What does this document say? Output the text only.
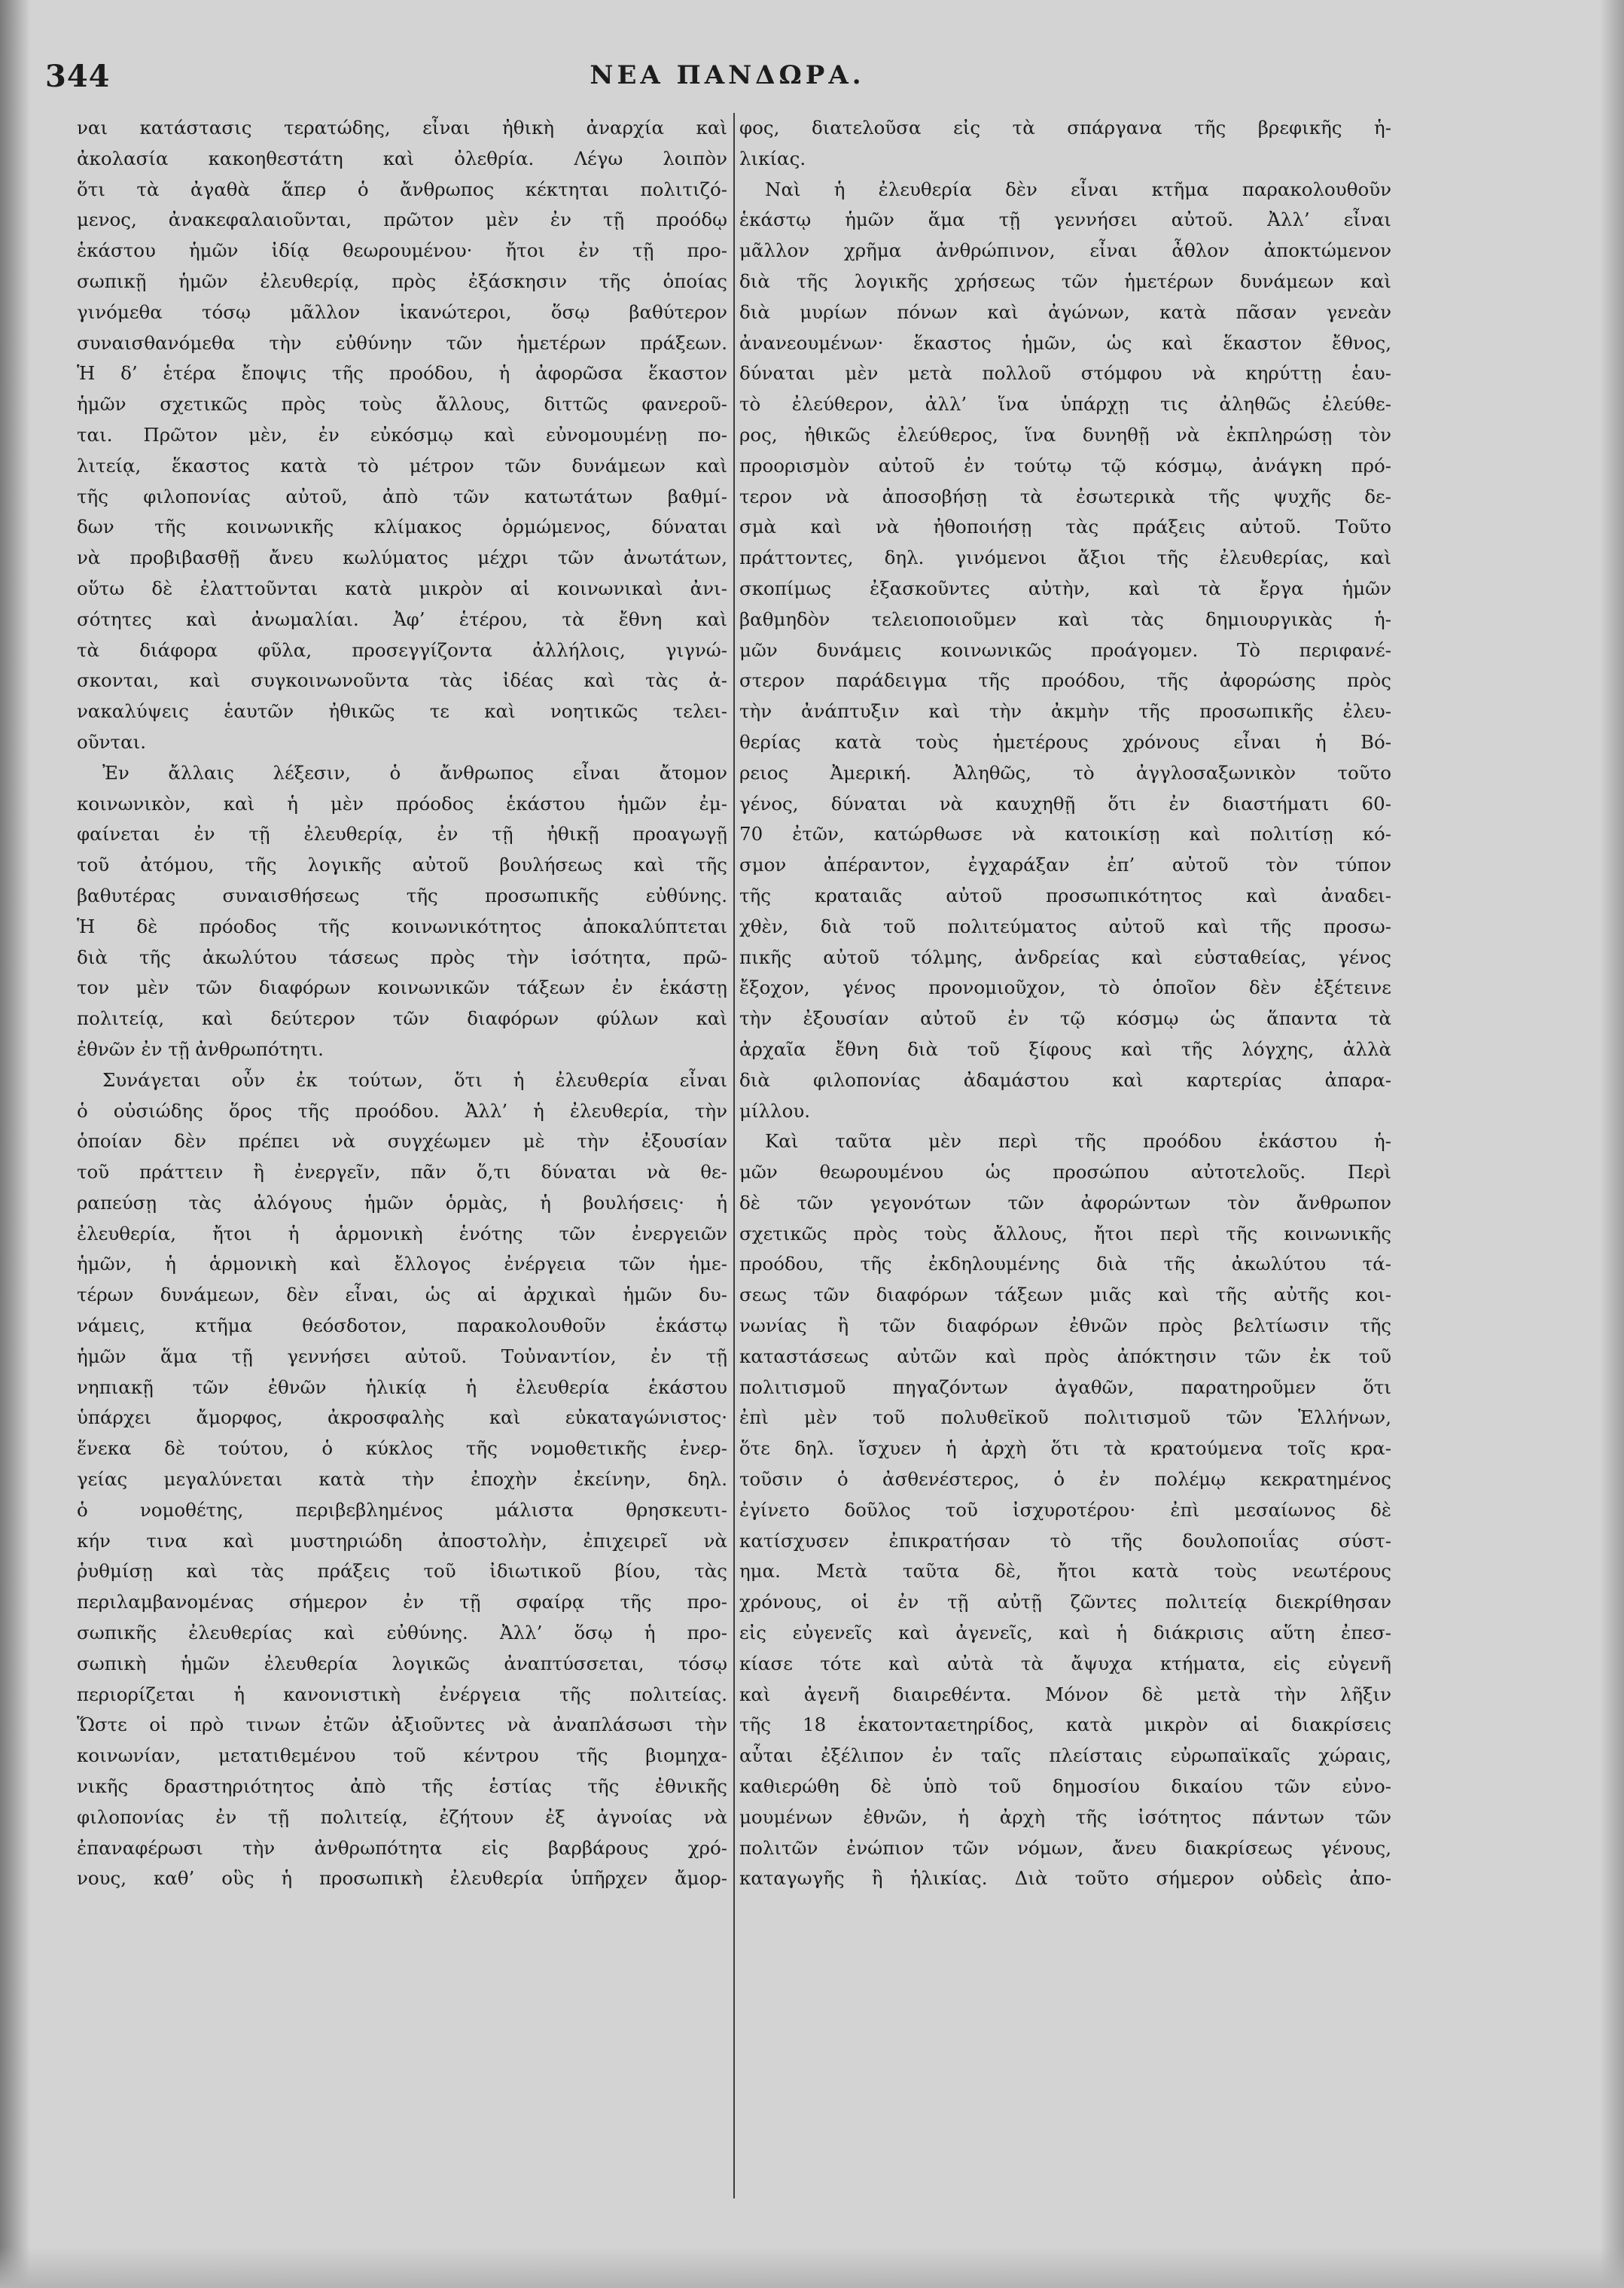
344	ΝΕΑ ΠΑΝΔΩΡΑ.
ναι κατάστασις τερατώδης, εἶναι ἠθικὴ ἀναρχία καὶ
ἀκολασία κακοηθεστάτη καὶ ὀλεθρία. Λέγω λοιπὸν
ὅτι τὰ ἀγαθὰ ἅπερ ὁ ἄνθρωπος κέκτηται πολιτιζό-
μενος, ἀνακεφαλαιοῦνται, πρῶτον μὲν ἐν τῇ προόδῳ
ἑκάστου ἡμῶν ἰδίᾳ θεωρουμένου· ἤτοι ἐν τῇ προ-
σωπικῇ ἡμῶν ἐλευθερίᾳ, πρὸς ἐξάσκησιν τῆς ὁποίας
γινόμεθα τόσῳ μᾶλλον ἱκανώτεροι, ὅσῳ βαθύτερον
συναισθανόμεθα τὴν εὐθύνην τῶν ἡμετέρων πράξεων.
Ἡ δ’ ἑτέρα ἔποψις τῆς προόδου, ἡ ἀφορῶσα ἕκαστον
ἡμῶν σχετικῶς πρὸς τοὺς ἄλλους, διττῶς φανεροῦ-
ται. Πρῶτον μὲν, ἐν εὐκόσμῳ καὶ εὐνομουμένῃ πο-
λιτείᾳ, ἕκαστος κατὰ τὸ μέτρον τῶν δυνάμεων καὶ
τῆς φιλοπονίας αὐτοῦ, ἀπὸ τῶν κατωτάτων βαθμί-
δων τῆς κοινωνικῆς κλίμακος ὁρμώμενος, δύναται
νὰ προβιβασθῇ ἄνευ κωλύματος μέχρι τῶν ἀνωτάτων,
οὕτω δὲ ἐλαττοῦνται κατὰ μικρὸν αἱ κοινωνικαὶ ἀνι-
σότητες καὶ ἀνωμαλίαι. Ἀφ’ ἑτέρου, τὰ ἔθνη καὶ
τὰ διάφορα φῦλα, προσεγγίζοντα ἀλλήλοις, γιγνώ-
σκονται, καὶ συγκοινωνοῦντα τὰς ἰδέας καὶ τὰς ἀ-
νακαλύψεις ἑαυτῶν ἠθικῶς τε καὶ νοητικῶς τελει-
οῦνται.
Ἐν ἄλλαις λέξεσιν, ὁ ἄνθρωπος εἶναι ἄτομον
κοινωνικὸν, καὶ ἡ μὲν πρόοδος ἑκάστου ἡμῶν ἐμ-
φαίνεται ἐν τῇ ἐλευθερίᾳ, ἐν τῇ ἠθικῇ προαγωγῇ
τοῦ ἀτόμου, τῆς λογικῆς αὐτοῦ βουλήσεως καὶ τῆς
βαθυτέρας συναισθήσεως τῆς προσωπικῆς εὐθύνης.
Ἡ δὲ πρόοδος τῆς κοινωνικότητος ἀποκαλύπτεται
διὰ τῆς ἀκωλύτου τάσεως πρὸς τὴν ἰσότητα, πρῶ-
τον μὲν τῶν διαφόρων κοινωνικῶν τάξεων ἐν ἑκάστῃ
πολιτείᾳ, καὶ δεύτερον τῶν διαφόρων φύλων καὶ
ἐθνῶν ἐν τῇ ἀνθρωπότητι.
Συνάγεται οὖν ἐκ τούτων, ὅτι ἡ ἐλευθερία εἶναι
ὁ οὐσιώδης ὅρος τῆς προόδου. Ἀλλ’ ἡ ἐλευθερία, τὴν
ὁποίαν δὲν πρέπει νὰ συγχέωμεν μὲ τὴν ἐξουσίαν
τοῦ πράττειν ἢ ἐνεργεῖν, πᾶν ὅ,τι δύναται νὰ θε-
ραπεύσῃ τὰς ἀλόγους ἡμῶν ὁρμὰς, ἡ βουλήσεις· ἡ
ἐλευθερία, ἤτοι ἡ ἁρμονικὴ ἑνότης τῶν ἐνεργειῶν
ἡμῶν, ἡ ἁρμονικὴ καὶ ἔλλογος ἐνέργεια τῶν ἡμε-
τέρων δυνάμεων, δὲν εἶναι, ὡς αἱ ἀρχικαὶ ἡμῶν δυ-
νάμεις, κτῆμα θεόσδοτον, παρακολουθοῦν ἑκάστῳ
ἡμῶν ἅμα τῇ γεννήσει αὐτοῦ. Τοὐναντίον, ἐν τῇ
νηπιακῇ τῶν ἐθνῶν ἡλικίᾳ ἡ ἐλευθερία ἑκάστου
ὑπάρχει ἄμορφος, ἀκροσφαλὴς καὶ εὐκαταγώνιστος·
ἕνεκα δὲ τούτου, ὁ κύκλος τῆς νομοθετικῆς ἐνερ-
γείας μεγαλύνεται κατὰ τὴν ἐποχὴν ἐκείνην, δηλ.
ὁ νομοθέτης, περιβεβλημένος μάλιστα θρησκευτι-
κήν τινα καὶ μυστηριώδη ἀποστολὴν, ἐπιχειρεῖ νὰ
ῥυθμίσῃ καὶ τὰς πράξεις τοῦ ἰδιωτικοῦ βίου, τὰς
περιλαμβανομένας σήμερον ἐν τῇ σφαίρᾳ τῆς προ-
σωπικῆς ἐλευθερίας καὶ εὐθύνης. Ἀλλ’ ὅσῳ ἡ προ-
σωπικὴ ἡμῶν ἐλευθερία λογικῶς ἀναπτύσσεται, τόσῳ
περιορίζεται ἡ κανονιστικὴ ἐνέργεια τῆς πολιτείας.
Ὥστε οἱ πρὸ τινων ἐτῶν ἀξιοῦντες νὰ ἀναπλάσωσι τὴν
κοινωνίαν, μετατιθεμένου τοῦ κέντρου τῆς βιομηχα-
νικῆς δραστηριότητος ἀπὸ τῆς ἑστίας τῆς ἐθνικῆς
φιλοπονίας ἐν τῇ πολιτείᾳ, ἐζήτουν ἐξ ἀγνοίας νὰ
ἐπαναφέρωσι τὴν ἀνθρωπότητα εἰς βαρβάρους χρό-
νους, καθ’ οὓς ἡ προσωπικὴ ἐλευθερία ὑπῆρχεν ἄμορ-
φος, διατελοῦσα εἰς τὰ σπάργανα τῆς βρεφικῆς ἡ-
λικίας.
Ναὶ ἡ ἐλευθερία δὲν εἶναι κτῆμα παρακολουθοῦν
ἑκάστῳ ἡμῶν ἅμα τῇ γεννήσει αὐτοῦ. Ἀλλ’ εἶναι
μᾶλλον χρῆμα ἀνθρώπινον, εἶναι ἆθλον ἀποκτώμενον
διὰ τῆς λογικῆς χρήσεως τῶν ἡμετέρων δυνάμεων καὶ
διὰ μυρίων πόνων καὶ ἀγώνων, κατὰ πᾶσαν γενεὰν
ἀνανεουμένων· ἕκαστος ἡμῶν, ὡς καὶ ἕκαστον ἔθνος,
δύναται μὲν μετὰ πολλοῦ στόμφου νὰ κηρύττῃ ἑαυ-
τὸ ἐλεύθερον, ἀλλ’ ἵνα ὑπάρχῃ τις ἀληθῶς ἐλεύθε-
ρος, ἠθικῶς ἐλεύθερος, ἵνα δυνηθῇ νὰ ἐκπληρώσῃ τὸν
προορισμὸν αὐτοῦ ἐν τούτῳ τῷ κόσμῳ, ἀνάγκη πρό-
τερον νὰ ἀποσοβήσῃ τὰ ἐσωτερικὰ τῆς ψυχῆς δε-
σμὰ καὶ νὰ ἠθοποιήσῃ τὰς πράξεις αὐτοῦ. Τοῦτο
πράττοντες, δηλ. γινόμενοι ἄξιοι τῆς ἐλευθερίας, καὶ
σκοπίμως ἐξασκοῦντες αὐτὴν, καὶ τὰ ἔργα ἡμῶν
βαθμηδὸν τελειοποιοῦμεν καὶ τὰς δημιουργικὰς ἡ-
μῶν δυνάμεις κοινωνικῶς προάγομεν. Τὸ περιφανέ-
στερον παράδειγμα τῆς προόδου, τῆς ἀφορώσης πρὸς
τὴν ἀνάπτυξιν καὶ τὴν ἀκμὴν τῆς προσωπικῆς ἐλευ-
θερίας κατὰ τοὺς ἡμετέρους χρόνους εἶναι ἡ Βό-
ρειος Ἀμερική. Ἀληθῶς, τὸ ἀγγλοσαξωνικὸν τοῦτο
γένος, δύναται νὰ καυχηθῇ ὅτι ἐν διαστήματι 60-
70 ἐτῶν, κατώρθωσε νὰ κατοικίσῃ καὶ πολιτίσῃ κό-
σμον ἀπέραντον, ἐγχαράξαν ἐπ’ αὐτοῦ τὸν τύπον
τῆς κραταιᾶς αὐτοῦ προσωπικότητος καὶ ἀναδει-
χθὲν, διὰ τοῦ πολιτεύματος αὐτοῦ καὶ τῆς προσω-
πικῆς αὐτοῦ τόλμης, ἀνδρείας καὶ εὐσταθείας, γένος
ἔξοχον, γένος προνομιοῦχον, τὸ ὁποῖον δὲν ἐξέτεινε
τὴν ἐξουσίαν αὐτοῦ ἐν τῷ κόσμῳ ὡς ἅπαντα τὰ
ἀρχαῖα ἔθνη διὰ τοῦ ξίφους καὶ τῆς λόγχης, ἀλλὰ
διὰ φιλοπονίας ἀδαμάστου καὶ καρτερίας ἀπαρα-
μίλλου.
Καὶ ταῦτα μὲν περὶ τῆς προόδου ἑκάστου ἡ-
μῶν θεωρουμένου ὡς προσώπου αὐτοτελοῦς. Περὶ
δὲ τῶν γεγονότων τῶν ἀφορώντων τὸν ἄνθρωπον
σχετικῶς πρὸς τοὺς ἄλλους, ἤτοι περὶ τῆς κοινωνικῆς
προόδου, τῆς ἐκδηλουμένης διὰ τῆς ἀκωλύτου τά-
σεως τῶν διαφόρων τάξεων μιᾶς καὶ τῆς αὐτῆς κοι-
νωνίας ἢ τῶν διαφόρων ἐθνῶν πρὸς βελτίωσιν τῆς
καταστάσεως αὐτῶν καὶ πρὸς ἀπόκτησιν τῶν ἐκ τοῦ
πολιτισμοῦ πηγαζόντων ἀγαθῶν, παρατηροῦμεν ὅτι
ἐπὶ μὲν τοῦ πολυθεϊκοῦ πολιτισμοῦ τῶν Ἑλλήνων,
ὅτε δηλ. ἴσχυεν ἡ ἀρχὴ ὅτι τὰ κρατούμενα τοῖς κρα-
τοῦσιν ὁ ἀσθενέστερος, ὁ ἐν πολέμῳ κεκρατημένος
ἐγίνετο δοῦλος τοῦ ἰσχυροτέρου· ἐπὶ μεσαίωνος δὲ
κατίσχυσεν ἐπικρατήσαν τὸ τῆς δουλοποιΐας σύστ-
ημα. Μετὰ ταῦτα δὲ, ἤτοι κατὰ τοὺς νεωτέρους
χρόνους, οἱ ἐν τῇ αὐτῇ ζῶντες πολιτείᾳ διεκρίθησαν
εἰς εὐγενεῖς καὶ ἀγενεῖς, καὶ ἡ διάκρισις αὕτη ἐπεσ-
κίασε τότε καὶ αὐτὰ τὰ ἄψυχα κτήματα, εἰς εὐγενῆ
καὶ ἀγενῆ διαιρεθέντα. Μόνον δὲ μετὰ τὴν λῆξιν
τῆς 18 ἑκατονταετηρίδος, κατὰ μικρὸν αἱ διακρίσεις
αὗται ἐξέλιπον ἐν ταῖς πλείσταις εὐρωπαϊκαῖς χώραις,
καθιερώθη δὲ ὑπὸ τοῦ δημοσίου δικαίου τῶν εὐνο-
μουμένων ἐθνῶν, ἡ ἀρχὴ τῆς ἰσότητος πάντων τῶν
πολιτῶν ἐνώπιον τῶν νόμων, ἄνευ διακρίσεως γένους,
καταγωγῆς ἢ ἡλικίας. Διὰ τοῦτο σήμερον οὐδεὶς ἀπο-
